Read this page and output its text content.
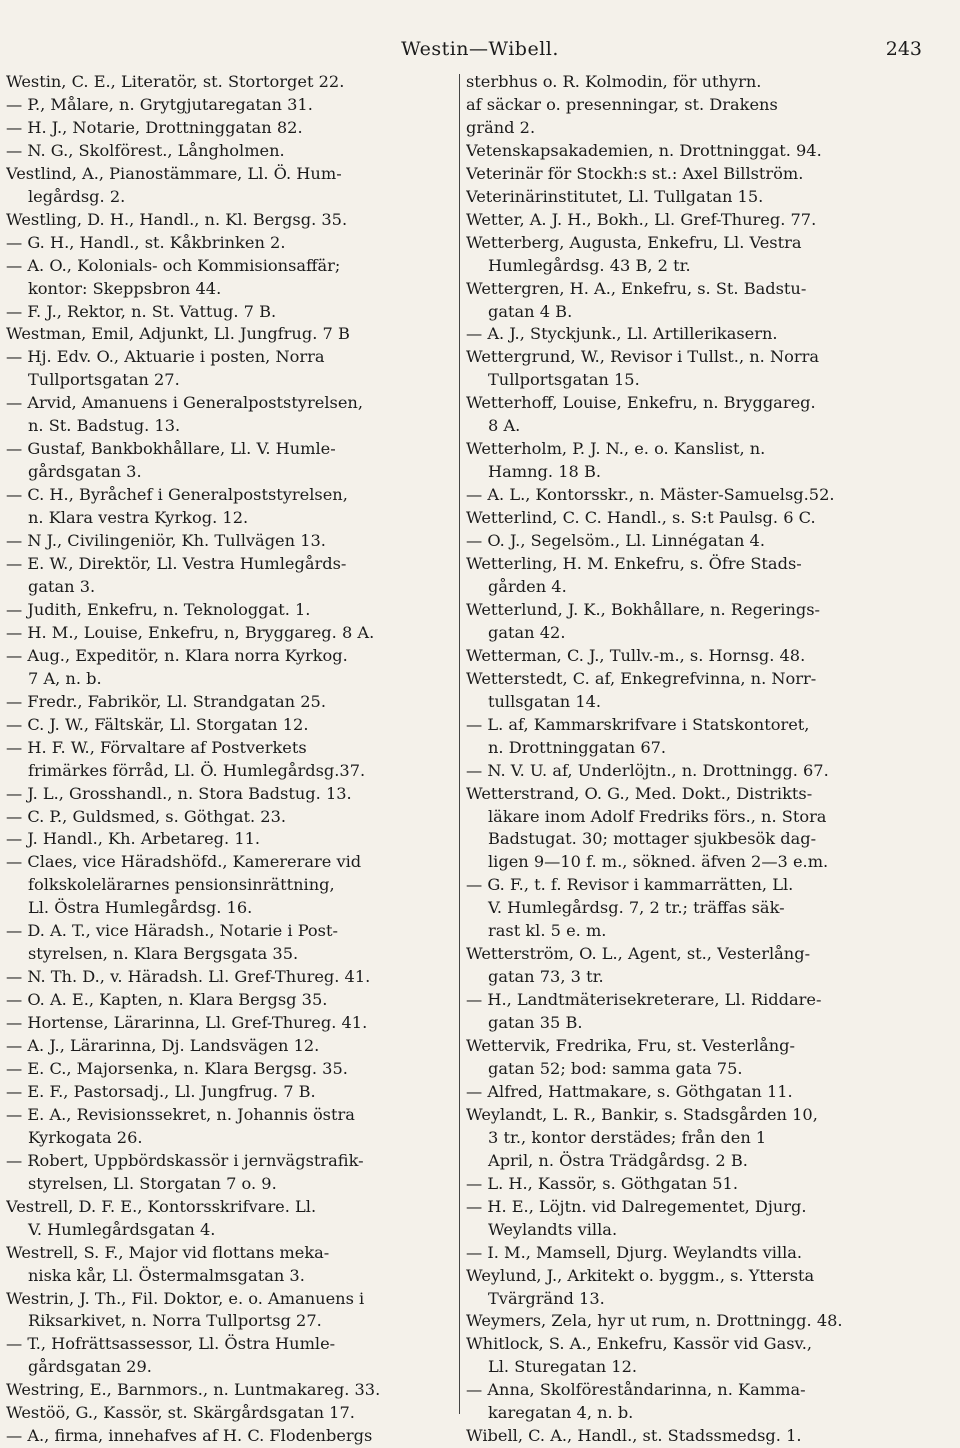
Westin—Wibell.	243
Westin, C. E., Literatör, st. Stortorget 22.
— P., Målare, n. Grytgjutaregatan 31.
— H. J., Notarie, Drottninggatan 82.
— N. G., Skolförest., Långholmen.
Vestlind, A., Pianostämmare, Ll. Ö. Hum-
legårdsg. 2.
Westling, D. H., Handl., n. Kl. Bergsg. 35.
— G. H., Handl., st. Kåkbrinken 2.
— A. O., Kolonials- och Kommisionsaffär;
kontor: Skeppsbron 44.
— F. J., Rektor, n. St. Vattug. 7 B.
Westman, Emil, Adjunkt, Ll. Jungfrug. 7 B
— Hj. Edv. O., Aktuarie i posten, Norra
Tullportsgatan 27.
— Arvid, Amanuens i Generalpoststyrelsen,
n. St. Badstug. 13.
— Gustaf, Bankbokhållare, Ll. V. Humle-
gårdsgatan 3.
— C. H., Byråchef i Generalpoststyrelsen,
n. Klara vestra Kyrkog. 12.
— N J., Civilingeniör, Kh. Tullvägen 13.
— E. W., Direktör, Ll. Vestra Humlegårds-
gatan 3.
— Judith, Enkefru, n. Teknologgat. 1.
— H. M., Louise, Enkefru, n, Bryggareg. 8 A.
— Aug., Expeditör, n. Klara norra Kyrkog.
7 A, n. b.
— Fredr., Fabrikör, Ll. Strandgatan 25.
— C. J. W., Fältskär, Ll. Storgatan 12.
— H. F. W., Förvaltare af Postverkets
frimärkes förråd, Ll. Ö. Humlegårdsg.37.
— J. L., Grosshandl., n. Stora Badstug. 13.
— C. P., Guldsmed, s. Göthgat. 23.
— J. Handl., Kh. Arbetareg. 11.
— Claes, vice Häradshöfd., Kamererare vid
folkskolelärarnes pensionsinrättning,
Ll. Östra Humlegårdsg. 16.
— D. A. T., vice Häradsh., Notarie i Post-
styrelsen, n. Klara Bergsgata 35.
— N. Th. D., v. Häradsh. Ll. Gref-Thureg. 41.
— O. A. E., Kapten, n. Klara Bergsg 35.
— Hortense, Lärarinna, Ll. Gref-Thureg. 41.
— A. J., Lärarinna, Dj. Landsvägen 12.
— E. C., Majorsenka, n. Klara Bergsg. 35.
— E. F., Pastorsadj., Ll. Jungfrug. 7 B.
— E. A., Revisionssekret, n. Johannis östra
Kyrkogata 26.
— Robert, Uppbördskassör i jernvägstrafik-
styrelsen, Ll. Storgatan 7 o. 9.
Vestrell, D. F. E., Kontorsskrifvare. Ll.
V. Humlegårdsgatan 4.
Westrell, S. F., Major vid flottans meka-
niska kår, Ll. Östermalmsgatan 3.
Westrin, J. Th., Fil. Doktor, e. o. Amanuens i
Riksarkivet, n. Norra Tullportsg 27.
— T., Hofrättsassessor, Ll. Östra Humle-
gårdsgatan 29.
Westring, E., Barnmors., n. Luntmakareg. 33.
Westöö, G., Kassör, st. Skärgårdsgatan 17.
— A., firma, innehafves af H. C. Flodenbergs
sterbhus o. R. Kolmodin, för uthyrn.
af säckar o. presenningar, st. Drakens
gränd 2.
Vetenskapsakademien, n. Drottninggat. 94.
Veterinär för Stockh:s st.: Axel Billström.
Veterinärinstitutet, Ll. Tullgatan 15.
Wetter, A. J. H., Bokh., Ll. Gref-Thureg. 77.
Wetterberg, Augusta, Enkefru, Ll. Vestra
Humlegårdsg. 43 B, 2 tr.
Wettergren, H. A., Enkefru, s. St. Badstu-
gatan 4 B.
— A. J., Styckjunk., Ll. Artillerikasern.
Wettergrund, W., Revisor i Tullst., n. Norra
Tullportsgatan 15.
Wetterhoff, Louise, Enkefru, n. Bryggareg.
8 A.
Wetterholm, P. J. N., e. o. Kanslist, n.
Hamng. 18 B.
— A. L., Kontorsskr., n. Mäster-Samuelsg.52.
Wetterlind, C. C. Handl., s. S:t Paulsg. 6 C.
— O. J., Segelsöm., Ll. Linnégatan 4.
Wetterling, H. M. Enkefru, s. Öfre Stads-
gården 4.
Wetterlund, J. K., Bokhållare, n. Regerings-
gatan 42.
Wetterman, C. J., Tullv.-m., s. Hornsg. 48.
Wetterstedt, C. af, Enkegrefvinna, n. Norr-
tullsgatan 14.
— L. af, Kammarskrifvare i Statskontoret,
n. Drottninggatan 67.
— N. V. U. af, Underlöjtn., n. Drottningg. 67.
Wetterstrand, O. G., Med. Dokt., Distrikts-
läkare inom Adolf Fredriks förs., n. Stora
Badstugat. 30; mottager sjukbesök dag-
ligen 9—10 f. m., sökned. äfven 2—3 e.m.
— G. F., t. f. Revisor i kammarrätten, Ll.
V. Humlegårdsg. 7, 2 tr.; träffas säk-
rast kl. 5 e. m.
Wetterström, O. L., Agent, st., Vesterlång-
gatan 73, 3 tr.
— H., Landtmäterisekreterare, Ll. Riddare-
gatan 35 B.
Wettervik, Fredrika, Fru, st. Vesterlång-
gatan 52; bod: samma gata 75.
— Alfred, Hattmakare, s. Göthgatan 11.
Weylandt, L. R., Bankir, s. Stadsgården 10,
3 tr., kontor derstädes; från den 1
April, n. Östra Trädgårdsg. 2 B.
— L. H., Kassör, s. Göthgatan 51.
— H. E., Löjtn. vid Dalregementet, Djurg.
Weylandts villa.
— I. M., Mamsell, Djurg. Weylandts villa.
Weylund, J., Arkitekt o. byggm., s. Yttersta
Tvärgränd 13.
Weymers, Zela, hyr ut rum, n. Drottningg. 48.
Whitlock, S. A., Enkefru, Kassör vid Gasv.,
Ll. Sturegatan 12.
— Anna, Skolföreståndarinna, n. Kamma-
karegatan 4, n. b.
Wibell, C. A., Handl., st. Stadssmedsg. 1.
